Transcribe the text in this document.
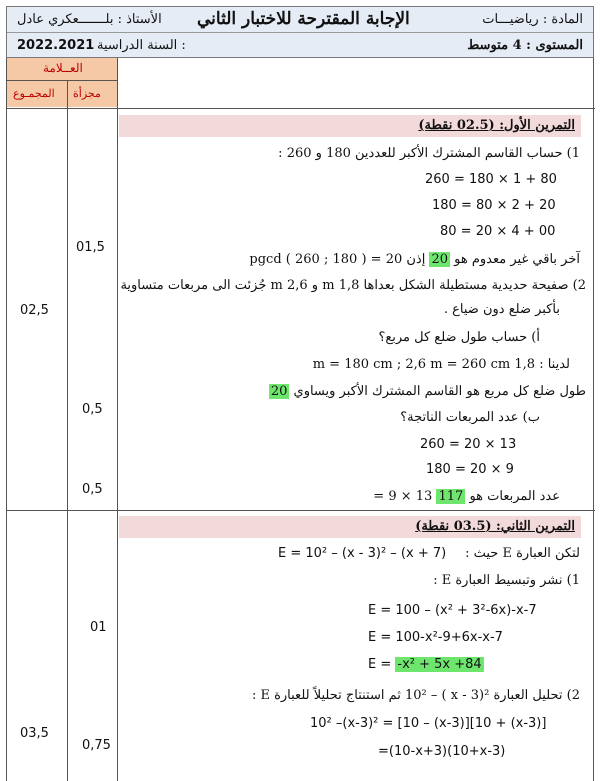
المادة : رياضيـــات
الإجابة المقترحة للاختبار الثاني
الأستاذ : بلـــــــعكري عادل
المستوى : 4 متوسط
السنة الدراسية :
2022.2021
العــلامة
المجمـوع مجزأة
التمرين الأول: (02.5 نقطة)
1) حساب القاسم المشترك الأكبر للعددين 180 و 260 :
260 = 180 × 1 + 80
180 = 80 × 2 + 20
80 = 20 × 4 + 00
آخر باقي غير معدوم هو 20 إذن 20 = ( 180 ; 260 ) pgcd
2) صفيحة حديدية مستطيلة الشكل بعداها 1,8 m و 2,6 m جُزئت الى مربعات متساوية
بأكبر ضلع دون ضياع .
أ) حساب طول ضلع كل مربع؟
لدينا : 1,8 m = 180 cm ; 2,6 m = 260 cm
طول ضلع كل مربع هو القاسم المشترك الأكبر ويساوي 20
ب) عدد المربعات الناتجة؟
260 = 20 × 13
180 = 20 × 9
عدد المربعات هو 117 13 × 9 =
01,5
0,5
0,5
02,5
التمرين الثاني: (03.5 نقطة)
لتكن العبارة E حيث :
E = 10² – (x - 3)² – (x + 7)
1) نشر وتبسيط العبارة E :
E = 100 – (x² + 3²-6x)-x-7
E = 100-x²-9+6x-x-7
E = -x² + 5x +84
2) تحليل العبارة ²(3 - x ) – 10² ثم استنتاج تحليلاً للعبارة E :
10² –(x-3)² = [10 – (x-3)][10 + (x-3)]
=(10-x+3)(10+x-3)
01
0,75
03,5
